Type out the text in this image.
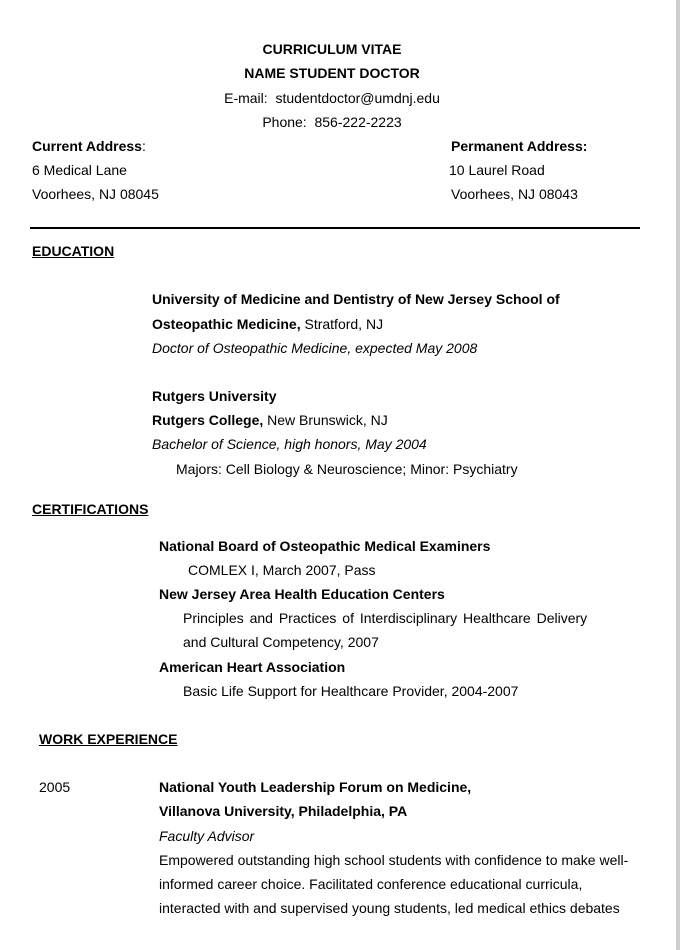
CURRICULUM VITAE
NAME STUDENT DOCTOR
E-mail: studentdoctor@umdnj.edu
Phone: 856-222-2223
Current Address:
6 Medical Lane
Voorhees, NJ 08045
Permanent Address:
10 Laurel Road
Voorhees, NJ 08043
EDUCATION
University of Medicine and Dentistry of New Jersey School of
Osteopathic Medicine, Stratford, NJ
Doctor of Osteopathic Medicine, expected May 2008
Rutgers University
Rutgers College, New Brunswick, NJ
Bachelor of Science, high honors, May 2004
Majors: Cell Biology & Neuroscience; Minor: Psychiatry
CERTIFICATIONS
National Board of Osteopathic Medical Examiners
COMLEX I, March 2007, Pass
New Jersey Area Health Education Centers
Principles and Practices of Interdisciplinary Healthcare Delivery
and Cultural Competency, 2007
American Heart Association
Basic Life Support for Healthcare Provider, 2004-2007
WORK EXPERIENCE
2005	National Youth Leadership Forum on Medicine,
Villanova University, Philadelphia, PA
Faculty Advisor
Empowered outstanding high school students with confidence to make well-
informed career choice. Facilitated conference educational curricula,
interacted with and supervised young students, led medical ethics debates
